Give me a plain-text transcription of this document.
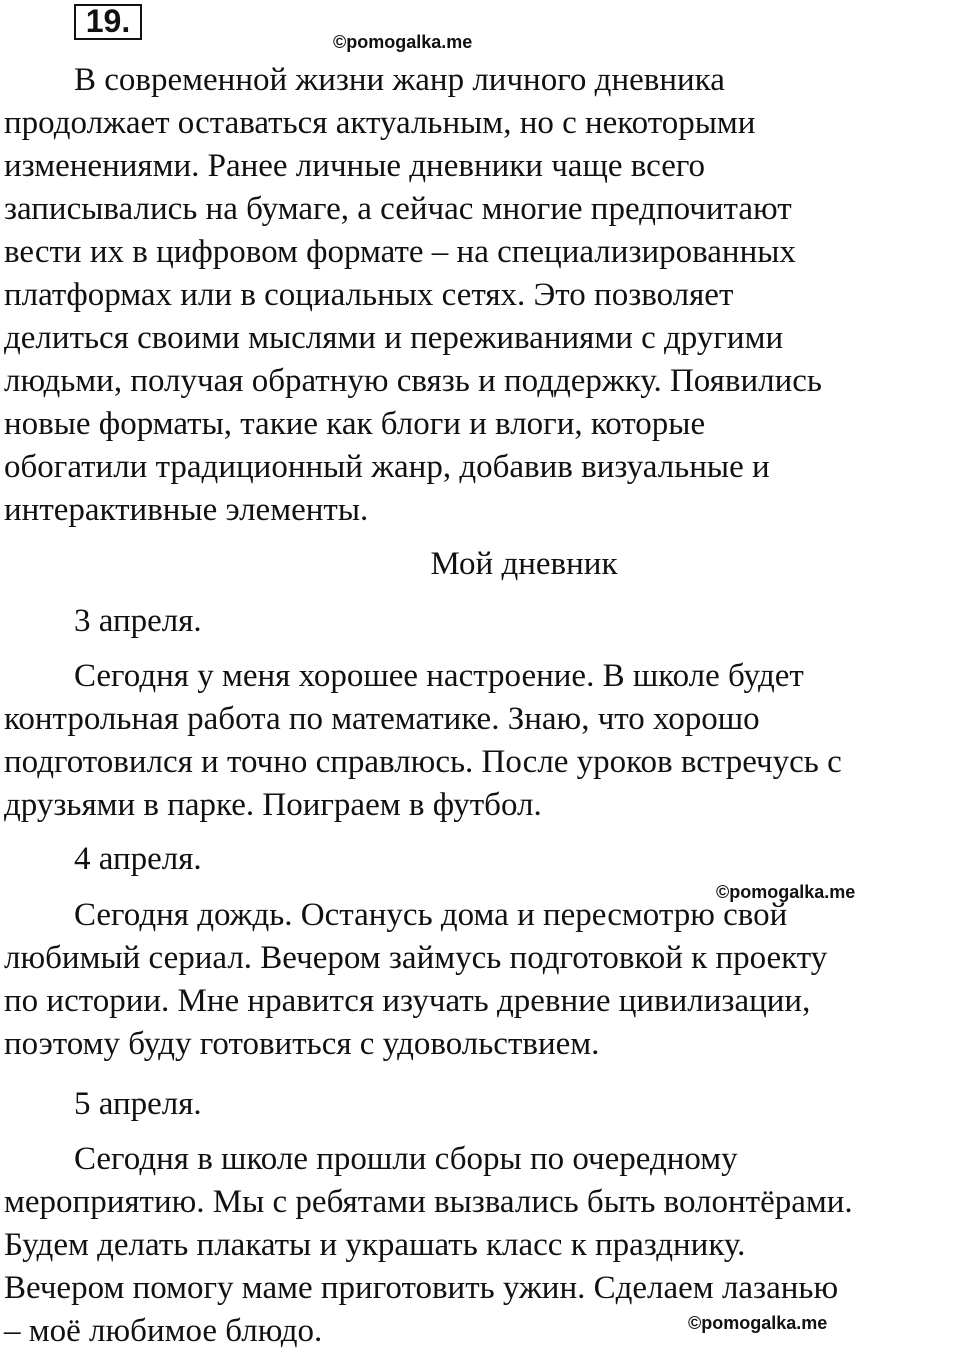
19.
©pomogalka.me
В современной жизни жанр личного дневника
продолжает оставаться актуальным, но с некоторыми
изменениями. Ранее личные дневники чаще всего
записывались на бумаге, а сейчас многие предпочитают
вести их в цифровом формате – на специализированных
платформах или в социальных сетях. Это позволяет
делиться своими мыслями и переживаниями с другими
людьми, получая обратную связь и поддержку. Появились
новые форматы, такие как блоги и влоги, которые
обогатили традиционный жанр, добавив визуальные и
интерактивные элементы.
Мой дневник
3 апреля.
Сегодня у меня хорошее настроение. В школе будет
контрольная работа по математике. Знаю, что хорошо
подготовился и точно справлюсь. После уроков встречусь с
друзьями в парке. Поиграем в футбол.
4 апреля.
©pomogalka.me
Сегодня дождь. Останусь дома и пересмотрю свой
любимый сериал. Вечером займусь подготовкой к проекту
по истории. Мне нравится изучать древние цивилизации,
поэтому буду готовиться с удовольствием.
5 апреля.
Сегодня в школе прошли сборы по очередному
мероприятию. Мы с ребятами вызвались быть волонтёрами.
Будем делать плакаты и украшать класс к празднику.
Вечером помогу маме приготовить ужин. Сделаем лазанью
– моё любимое блюдо.	©pomogalka.me
